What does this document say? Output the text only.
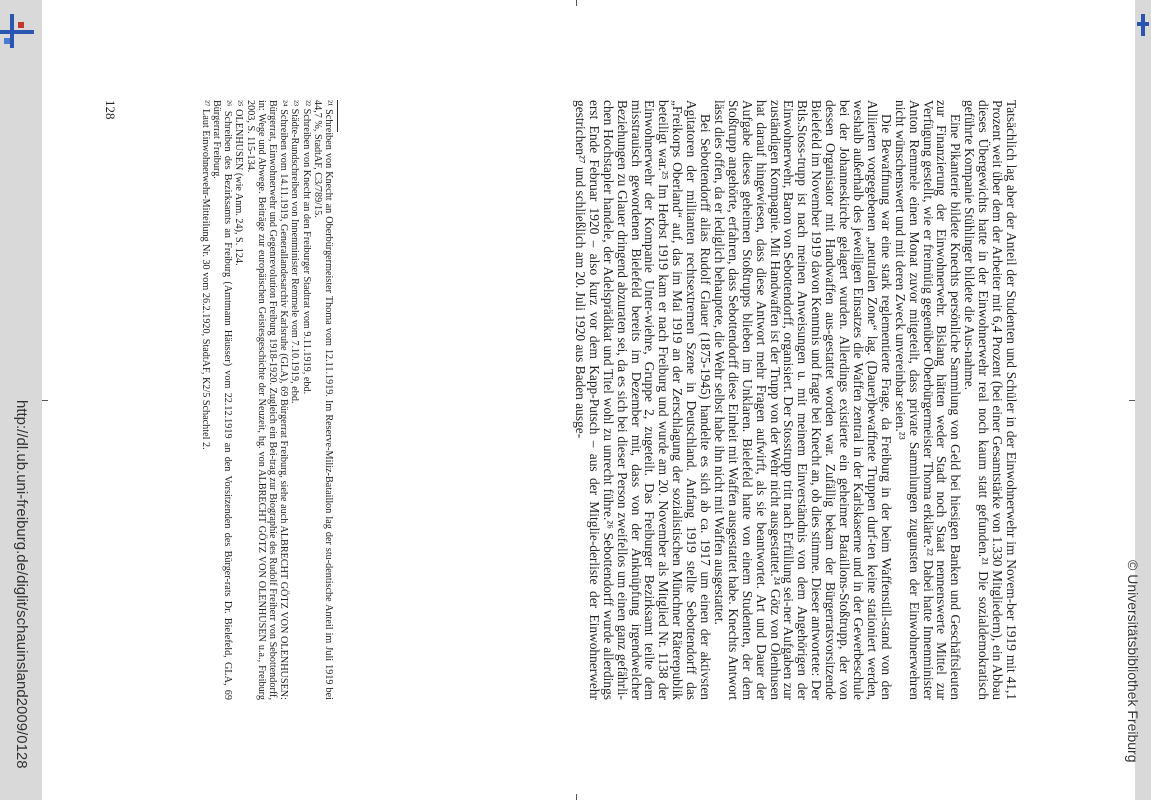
http://dl.ub.uni-freiburg.de/diglit/schauinsland2009/0128	© Universitätsbibliothek Freiburg

Tatsächlich lag aber der Anteil der Studenten und Schüler in der Einwohnerwehr im Novem-ber 1919 mit 41,1 Prozent weit über dem der Arbeiter mit 6,4 Prozent (bei einer Gesamtstärke von 1.330 Mitgliedern), ein Abbau dieses Übergewichts hatte in der Einwohnerwehr real noch kaum statt gefunden.²¹ Die sozialdemokratisch geführte Kompanie Stühlinger bildete die Aus-nahme.

Eine Pikanterie bildete Knechts persönliche Sammlung von Geld bei hiesigen Banken und Geschäftsleuten zur Finanzierung der Einwohnerwehr. Bislang hätten weder Stadt noch Staat nennenswerte Mittel zur Verfügung gestellt, wie er freimütig gegenüber Oberbürgermeister Thoma erklärte.²² Dabei hatte Innenminister Anton Remmele einen Monat zuvor mitgeteilt, dass private Sammlungen zugunsten der Einwohnerwehren nicht wünschenswert und mit deren Zweck unvereinbar seien.²³

Die Bewaffnung war eine stark reglementierte Frage, da Freiburg in der beim Waffenstill-stand von den Alliierten vorgegebenen „neutralen Zone“ lag. (Dauer)bewaffnete Truppen durf-ten keine stationiert werden, weshalb außerhalb des jeweiligen Einsatzes die Waffen zentral in der Karlskaserne und in der Gewerbeschule bei der Johanneskirche gelagert wurden. Allerdings existierte ein geheimer Bataillons-Stoßtrupp, der von dessen Organisator mit Handwaffen aus-gestattet worden war. Zufällig bekam der Bürgerratsvorsitzende Bielefeld im November 1919 davon Kenntnis und fragte bei Knecht an, ob dies stimme. Dieser antwortete: Der Btls.Stoss-trupp ist nach meinen Anweisungen u. mit meinem Einverständnis von dem Angehörigen der Einwohnerwehr, Baron von Sebottendorff, organisiert. Der Stosstrupp tritt nach Erfüllung sei-ner Aufgaben zur zuständigen Kompagnie. Mit Handwaffen ist der Trupp von der Wehr nicht ausgestattet.²⁴ Götz von Olenhusen hat darauf hingewiesen, dass diese Antwort mehr Fragen aufwirft, als sie beantwortet. Art und Dauer der Aufgabe dieses geheimen Stoßtrupps blieben im Unklaren. Bielefeld hatte von einem Studenten, der dem Stoßtrupp angehörte, erfahren, dass Sebottendorff diese Einheit mit Waffen ausgestattet habe. Knechts Antwort lässt dies offen, da er lediglich behauptete, die Wehr selbst habe ihn nicht mit Waffen ausgestattet.

Bei Sebottendorff alias Rudolf Glauer (1875-1945) handelte es sich ab ca. 1917 um einen der aktivsten Agitatoren der militanten rechtsextremen Szene in Deutschland. Anfang 1919 stellte Sebottendorff das „Freikorps Oberland“ auf, das im Mai 1919 an der Zerschlagung der sozialistischen Münchner Räterepublik beteiligt war.²⁵ Im Herbst 1919 kam er nach Freiburg und wurde am 20. November als Mitglied Nr. 1138 der Einwohnerwehr der Kompanie Unter-wiehre, Gruppe 2, zugeteilt. Das Freiburger Bezirksamt teilte dem misstrauisch gewordenen Bielefeld bereits im Dezember mit, dass von der Anknüpfung irgendwelcher Beziehungen zu Glauer dringend abzuraten sei, da es sich bei dieser Person zweifellos um einen ganz gefährli-chen Hochstapler handele, der Adelsprädikat und Titel wohl zu unrecht führe.²⁶ Sebottendorff wurde allerdings erst Ende Februar 1920 – also kurz vor dem Kapp-Putsch – aus der Mitglie-derliste der Einwohnerwehr gestrichen²⁷ und schließlich am 20. Juli 1920 aus Baden ausge-

²¹ Schreiben von Knecht an Oberbürgermeister Thoma vom 12.11.1919. Im Reserve-Miliz-Bataillon lag der stu-dentische Anteil im Juli 1919 bei 44,7 %, StadtAF, C3/789/15.

²² Schreiben von Knecht an den Freiburger Stadtrat vom 9.11.1919, ebd.

²³ Städte-Rundschreiben von Innenminister Remmele vom 7.10.1919, ebd.

²⁴ Schreiben vom 14.11.1919, Generallandesarchiv Karlsruhe (GLA), 69 Bürgerrat Freiburg, siehe auch ALBRECHT GÖTZ VON OLENHUSEN: Bürgerrat, Einwohnerwehr und Gegenrevolution Freiburg 1918-1920. Zugleich ein Bei-trag zur Biographie des Rudolf Freiherr von Sebottendorff, in: Wege und Abwege. Beiträge zur europäischen Geistesgeschichte der Neuzeit, hg. von ALBRECHT GÖTZ VON OLENHUSEN u.a., Freiburg 2003, S. 115-134.

²⁵ OLENHUSEN (wie Anm. 24), S. 124.

²⁶ Schreiben des Bezirksamts an Freiburg (Amtmann Häusser) vom 22.12.1919 an den Vorsitzenden des Bürger-rats Dr. Bielefeld, GLA, 69 Bürgerrat Freiburg.

²⁷ Laut Einwohnerwehr-Mitteilung Nr. 30 vom 26.2.1920, StadtAF, K2/5 Schachtel 2.

128
